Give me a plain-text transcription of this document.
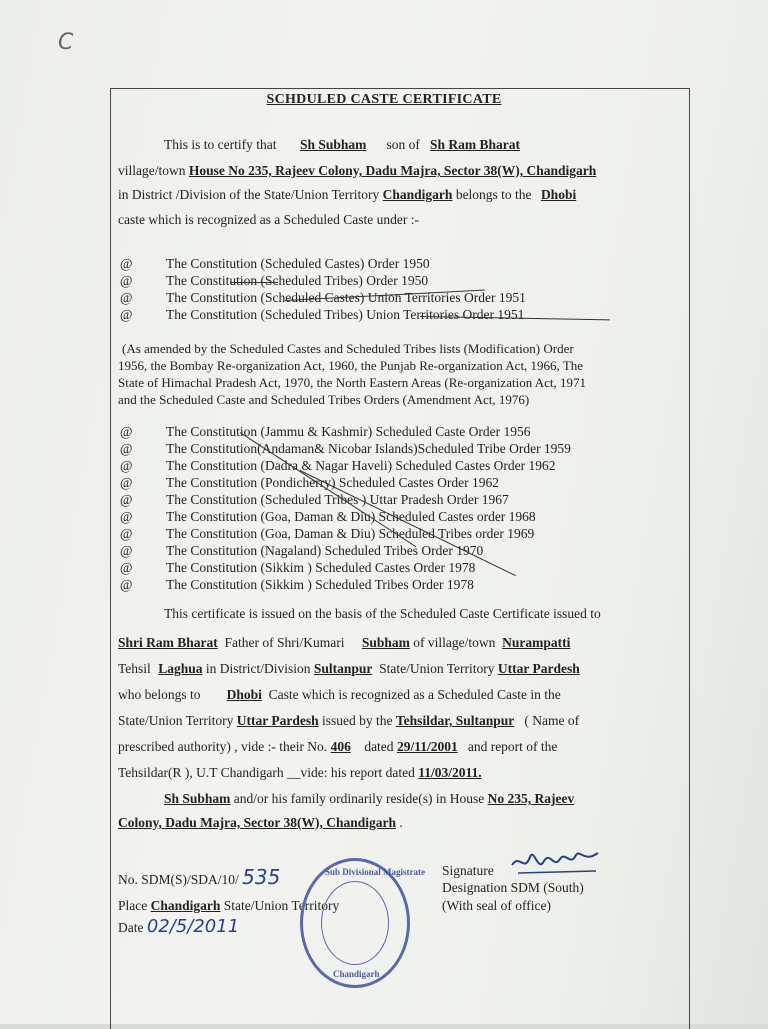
C
SCHDULED CASTE CERTIFICATE
This is to certify that Sh Subham son of Sh Ram Bharat
village/town House No 235, Rajeev Colony, Dadu Majra, Sector 38(W), Chandigarh
in District /Division of the State/Union Territory Chandigarh belongs to the Dhobi
caste which is recognized as a Scheduled Caste under :-
@ The Constitution (Scheduled Castes) Order 1950
@ The Constitution (Scheduled Tribes) Order 1950
@ The Constitution (Scheduled Castes) Union Territories Order 1951
@ The Constitution (Scheduled Tribes) Union Territories Order 1951
(As amended by the Scheduled Castes and Scheduled Tribes lists (Modification) Order
1956, the Bombay Re-organization Act, 1960, the Punjab Re-organization Act, 1966, The
State of Himachal Pradesh Act, 1970, the North Eastern Areas (Re-organization Act, 1971
and the Scheduled Caste and Scheduled Tribes Orders (Amendment Act, 1976)
@ The Constitution (Jammu & Kashmir) Scheduled Caste Order 1956
@ The Constitution(Andaman& Nicobar Islands)Scheduled Tribe Order 1959
@ The Constitution (Dadra & Nagar Haveli) Scheduled Castes Order 1962
@ The Constitution (Pondicherry) Scheduled Castes Order 1962
@ The Constitution (Scheduled Tribes ) Uttar Pradesh Order 1967
@ The Constitution (Goa, Daman & Diu) Scheduled Castes order 1968
@ The Constitution (Goa, Daman & Diu) Scheduled Tribes order 1969
@ The Constitution (Nagaland) Scheduled Tribes Order 1970
@ The Constitution (Sikkim ) Scheduled Castes Order 1978
@ The Constitution (Sikkim ) Scheduled Tribes Order 1978
This certificate is issued on the basis of the Scheduled Caste Certificate issued to
Shri Ram Bharat Father of Shri/Kumari Subham of village/town Nurampatti
Tehsil Laghua in District/Division Sultanpur State/Union Territory Uttar Pardesh
who belongs to Dhobi Caste which is recognized as a Scheduled Caste in the
State/Union Territory Uttar Pardesh issued by the Tehsildar, Sultanpur ( Name of
prescribed authority) , vide :- their No. 406 dated 29/11/2001 and report of the
Tehsildar(R ), U.T Chandigarh __vide: his report dated 11/03/2011.
Sh Subham and/or his family ordinarily reside(s) in House No 235, Rajeev
Colony, Dadu Majra, Sector 38(W), Chandigarh .
No. SDM(S)/SDA/10/ 535
Place Chandigarh State/Union Territory
Date 02/5/2011
Sub Divisional Magistrate
Chandigarh
Signature
Designation SDM (South)
(With seal of office)
